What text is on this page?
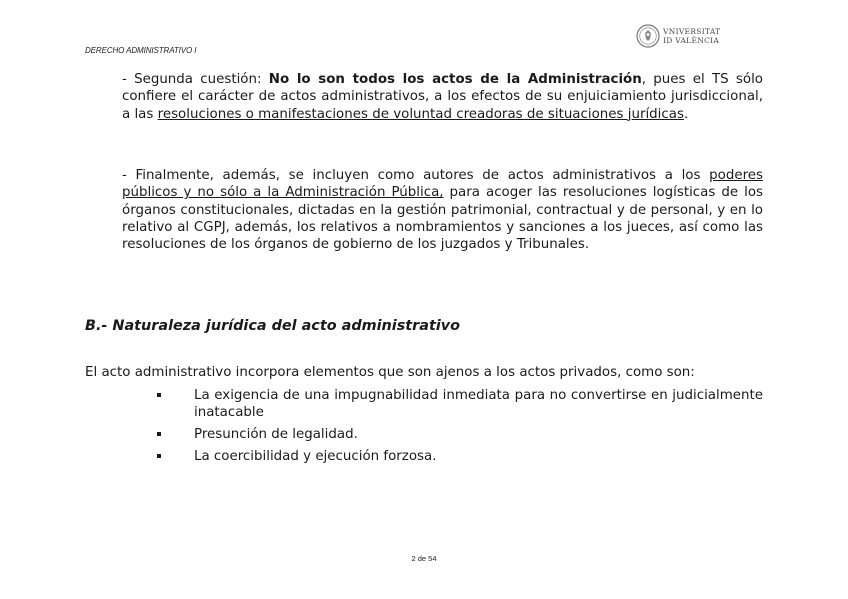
DERECHO ADMINISTRATIVO I
VNIVERSITAT
ID VALÈNCIA
- Segunda cuestión: No lo son todos los actos de la Administración, pues el TS sólo confiere el carácter de actos administrativos, a los efectos de su enjuiciamiento jurisdiccional, a las resoluciones o manifestaciones de voluntad creadoras de situaciones jurídicas.
- Finalmente, además, se incluyen como autores de actos administrativos a los poderes públicos y no sólo a la Administración Pública, para acoger las resoluciones logísticas de los órganos constitucionales, dictadas en la gestión patrimonial, contractual y de personal, y en lo relativo al CGPJ, además, los relativos a nombramientos y sanciones a los jueces, así como las resoluciones de los órganos de gobierno de los juzgados y Tribunales.
B.- Naturaleza jurídica del acto administrativo
El acto administrativo incorpora elementos que son ajenos a los actos privados, como son:
La exigencia de una impugnabilidad inmediata para no convertirse en judicialmente inatacable
Presunción de legalidad.
La coercibilidad y ejecución forzosa.
2 de 54
